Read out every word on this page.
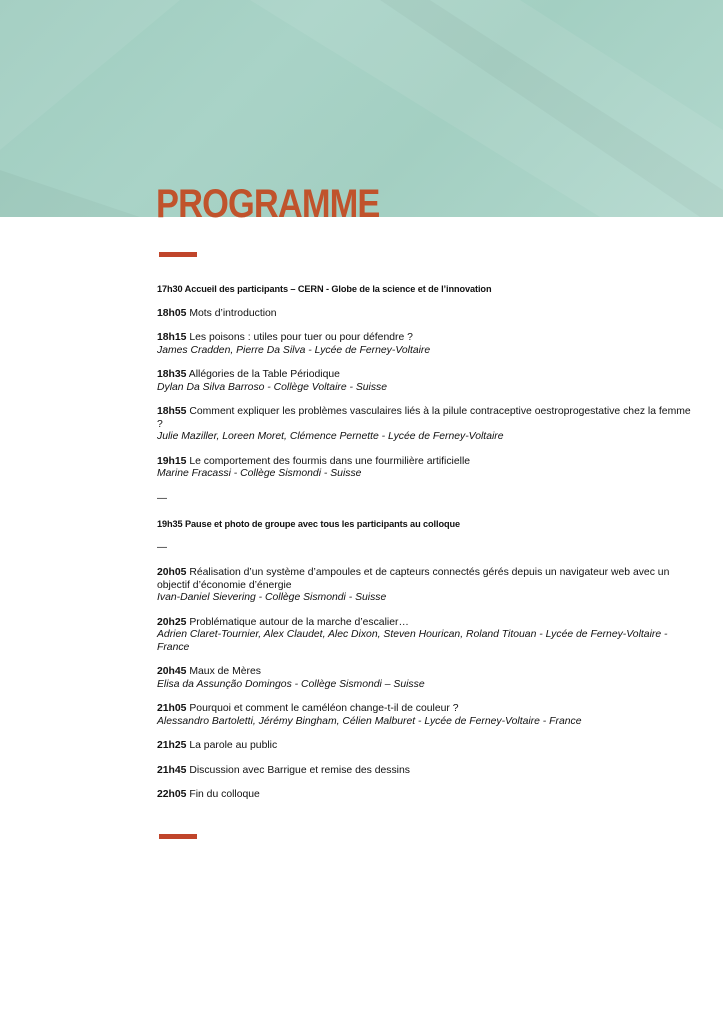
PROGRAMME
17h30 Accueil des participants – CERN - Globe de la science et de l’innovation
18h05 Mots d’introduction
18h15 Les poisons : utiles pour tuer ou pour défendre ?
James Cradden, Pierre Da Silva - Lycée de Ferney-Voltaire
18h35 Allégories de la Table Périodique
Dylan Da Silva Barroso - Collège Voltaire - Suisse
18h55 Comment expliquer les problèmes vasculaires liés à la pilule contraceptive oestroprogestative chez la femme ?
Julie Maziller, Loreen Moret, Clémence Pernette - Lycée de Ferney-Voltaire
19h15 Le comportement des fourmis dans une fourmilière artificielle
Marine Fracassi - Collège Sismondi - Suisse
—
19h35 Pause et photo de groupe avec tous les participants au colloque
—
20h05 Réalisation d’un système d’ampoules et de capteurs connectés gérés depuis un navigateur web avec un objectif d’économie d’énergie
Ivan-Daniel Sievering - Collège Sismondi - Suisse
20h25 Problématique autour de la marche d’escalier…
Adrien Claret-Tournier, Alex Claudet, Alec Dixon, Steven Hourican, Roland Titouan - Lycée de Ferney-Voltaire - France
20h45 Maux de Mères
Elisa da Assunção Domingos - Collège Sismondi – Suisse
21h05 Pourquoi et comment le caméléon change-t-il de couleur ?
Alessandro Bartoletti, Jérémy Bingham, Célien Malburet - Lycée de Ferney-Voltaire - France
21h25 La parole au public
21h45 Discussion avec Barrigue et remise des dessins
22h05 Fin du colloque
